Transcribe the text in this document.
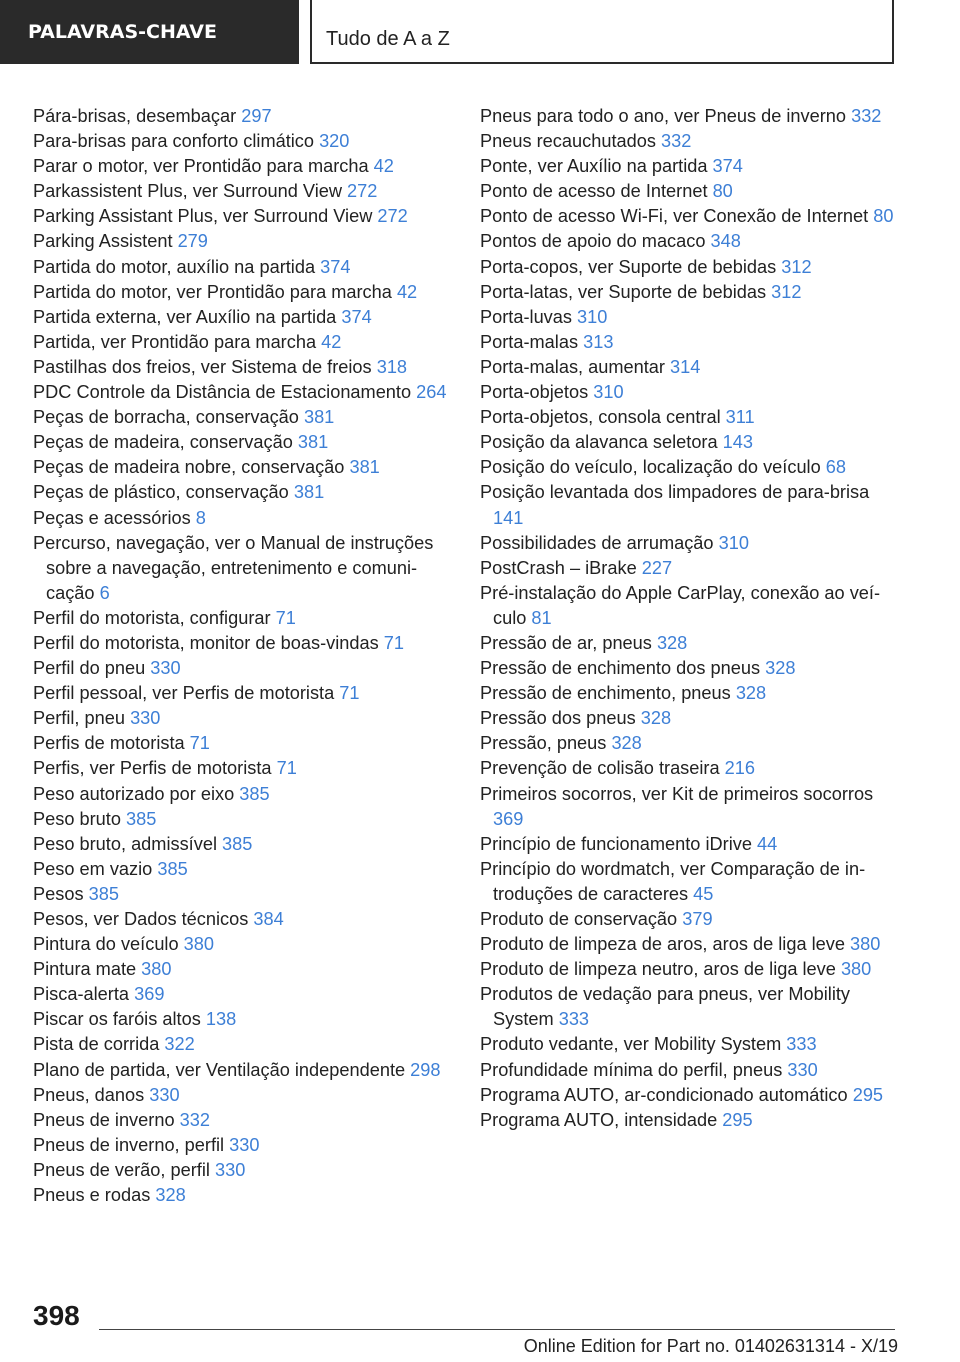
PALAVRAS-CHAVE	Tudo de A a Z
Pára-brisas, desembaçar 297
Para-brisas para conforto climático 320
Parar o motor, ver Prontidão para marcha 42
Parkassistent Plus, ver Surround View 272
Parking Assistant Plus, ver Surround View 272
Parking Assistent 279
Partida do motor, auxílio na partida 374
Partida do motor, ver Prontidão para marcha 42
Partida externa, ver Auxílio na partida 374
Partida, ver Prontidão para marcha 42
Pastilhas dos freios, ver Sistema de freios 318
PDC Controle da Distância de Estacionamento 264
Peças de borracha, conservação 381
Peças de madeira, conservação 381
Peças de madeira nobre, conservação 381
Peças de plástico, conservação 381
Peças e acessórios 8
Percurso, navegação, ver o Manual de instruções sobre a navegação, entretenimento e comunicação 6
Perfil do motorista, configurar 71
Perfil do motorista, monitor de boas-vindas 71
Perfil do pneu 330
Perfil pessoal, ver Perfis de motorista 71
Perfil, pneu 330
Perfis de motorista 71
Perfis, ver Perfis de motorista 71
Peso autorizado por eixo 385
Peso bruto 385
Peso bruto, admissível 385
Peso em vazio 385
Pesos 385
Pesos, ver Dados técnicos 384
Pintura do veículo 380
Pintura mate 380
Pisca-alerta 369
Piscar os faróis altos 138
Pista de corrida 322
Plano de partida, ver Ventilação independente 298
Pneus, danos 330
Pneus de inverno 332
Pneus de inverno, perfil 330
Pneus de verão, perfil 330
Pneus e rodas 328
Pneus para todo o ano, ver Pneus de inverno 332
Pneus recauchutados 332
Ponte, ver Auxílio na partida 374
Ponto de acesso de Internet 80
Ponto de acesso Wi-Fi, ver Conexão de Internet 80
Pontos de apoio do macaco 348
Porta-copos, ver Suporte de bebidas 312
Porta-latas, ver Suporte de bebidas 312
Porta-luvas 310
Porta-malas 313
Porta-malas, aumentar 314
Porta-objetos 310
Porta-objetos, consola central 311
Posição da alavanca seletora 143
Posição do veículo, localização do veículo 68
Posição levantada dos limpadores de para-brisa 141
Possibilidades de arrumação 310
PostCrash – iBrake 227
Pré-instalação do Apple CarPlay, conexão ao veículo 81
Pressão de ar, pneus 328
Pressão de enchimento dos pneus 328
Pressão de enchimento, pneus 328
Pressão dos pneus 328
Pressão, pneus 328
Prevenção de colisão traseira 216
Primeiros socorros, ver Kit de primeiros socorros 369
Princípio de funcionamento iDrive 44
Princípio do wordmatch, ver Comparação de introduções de caracteres 45
Produto de conservação 379
Produto de limpeza de aros, aros de liga leve 380
Produto de limpeza neutro, aros de liga leve 380
Produtos de vedação para pneus, ver Mobility System 333
Produto vedante, ver Mobility System 333
Profundidade mínima do perfil, pneus 330
Programa AUTO, ar-condicionado automático 295
Programa AUTO, intensidade 295
398
Online Edition for Part no. 01402631314 - X/19
